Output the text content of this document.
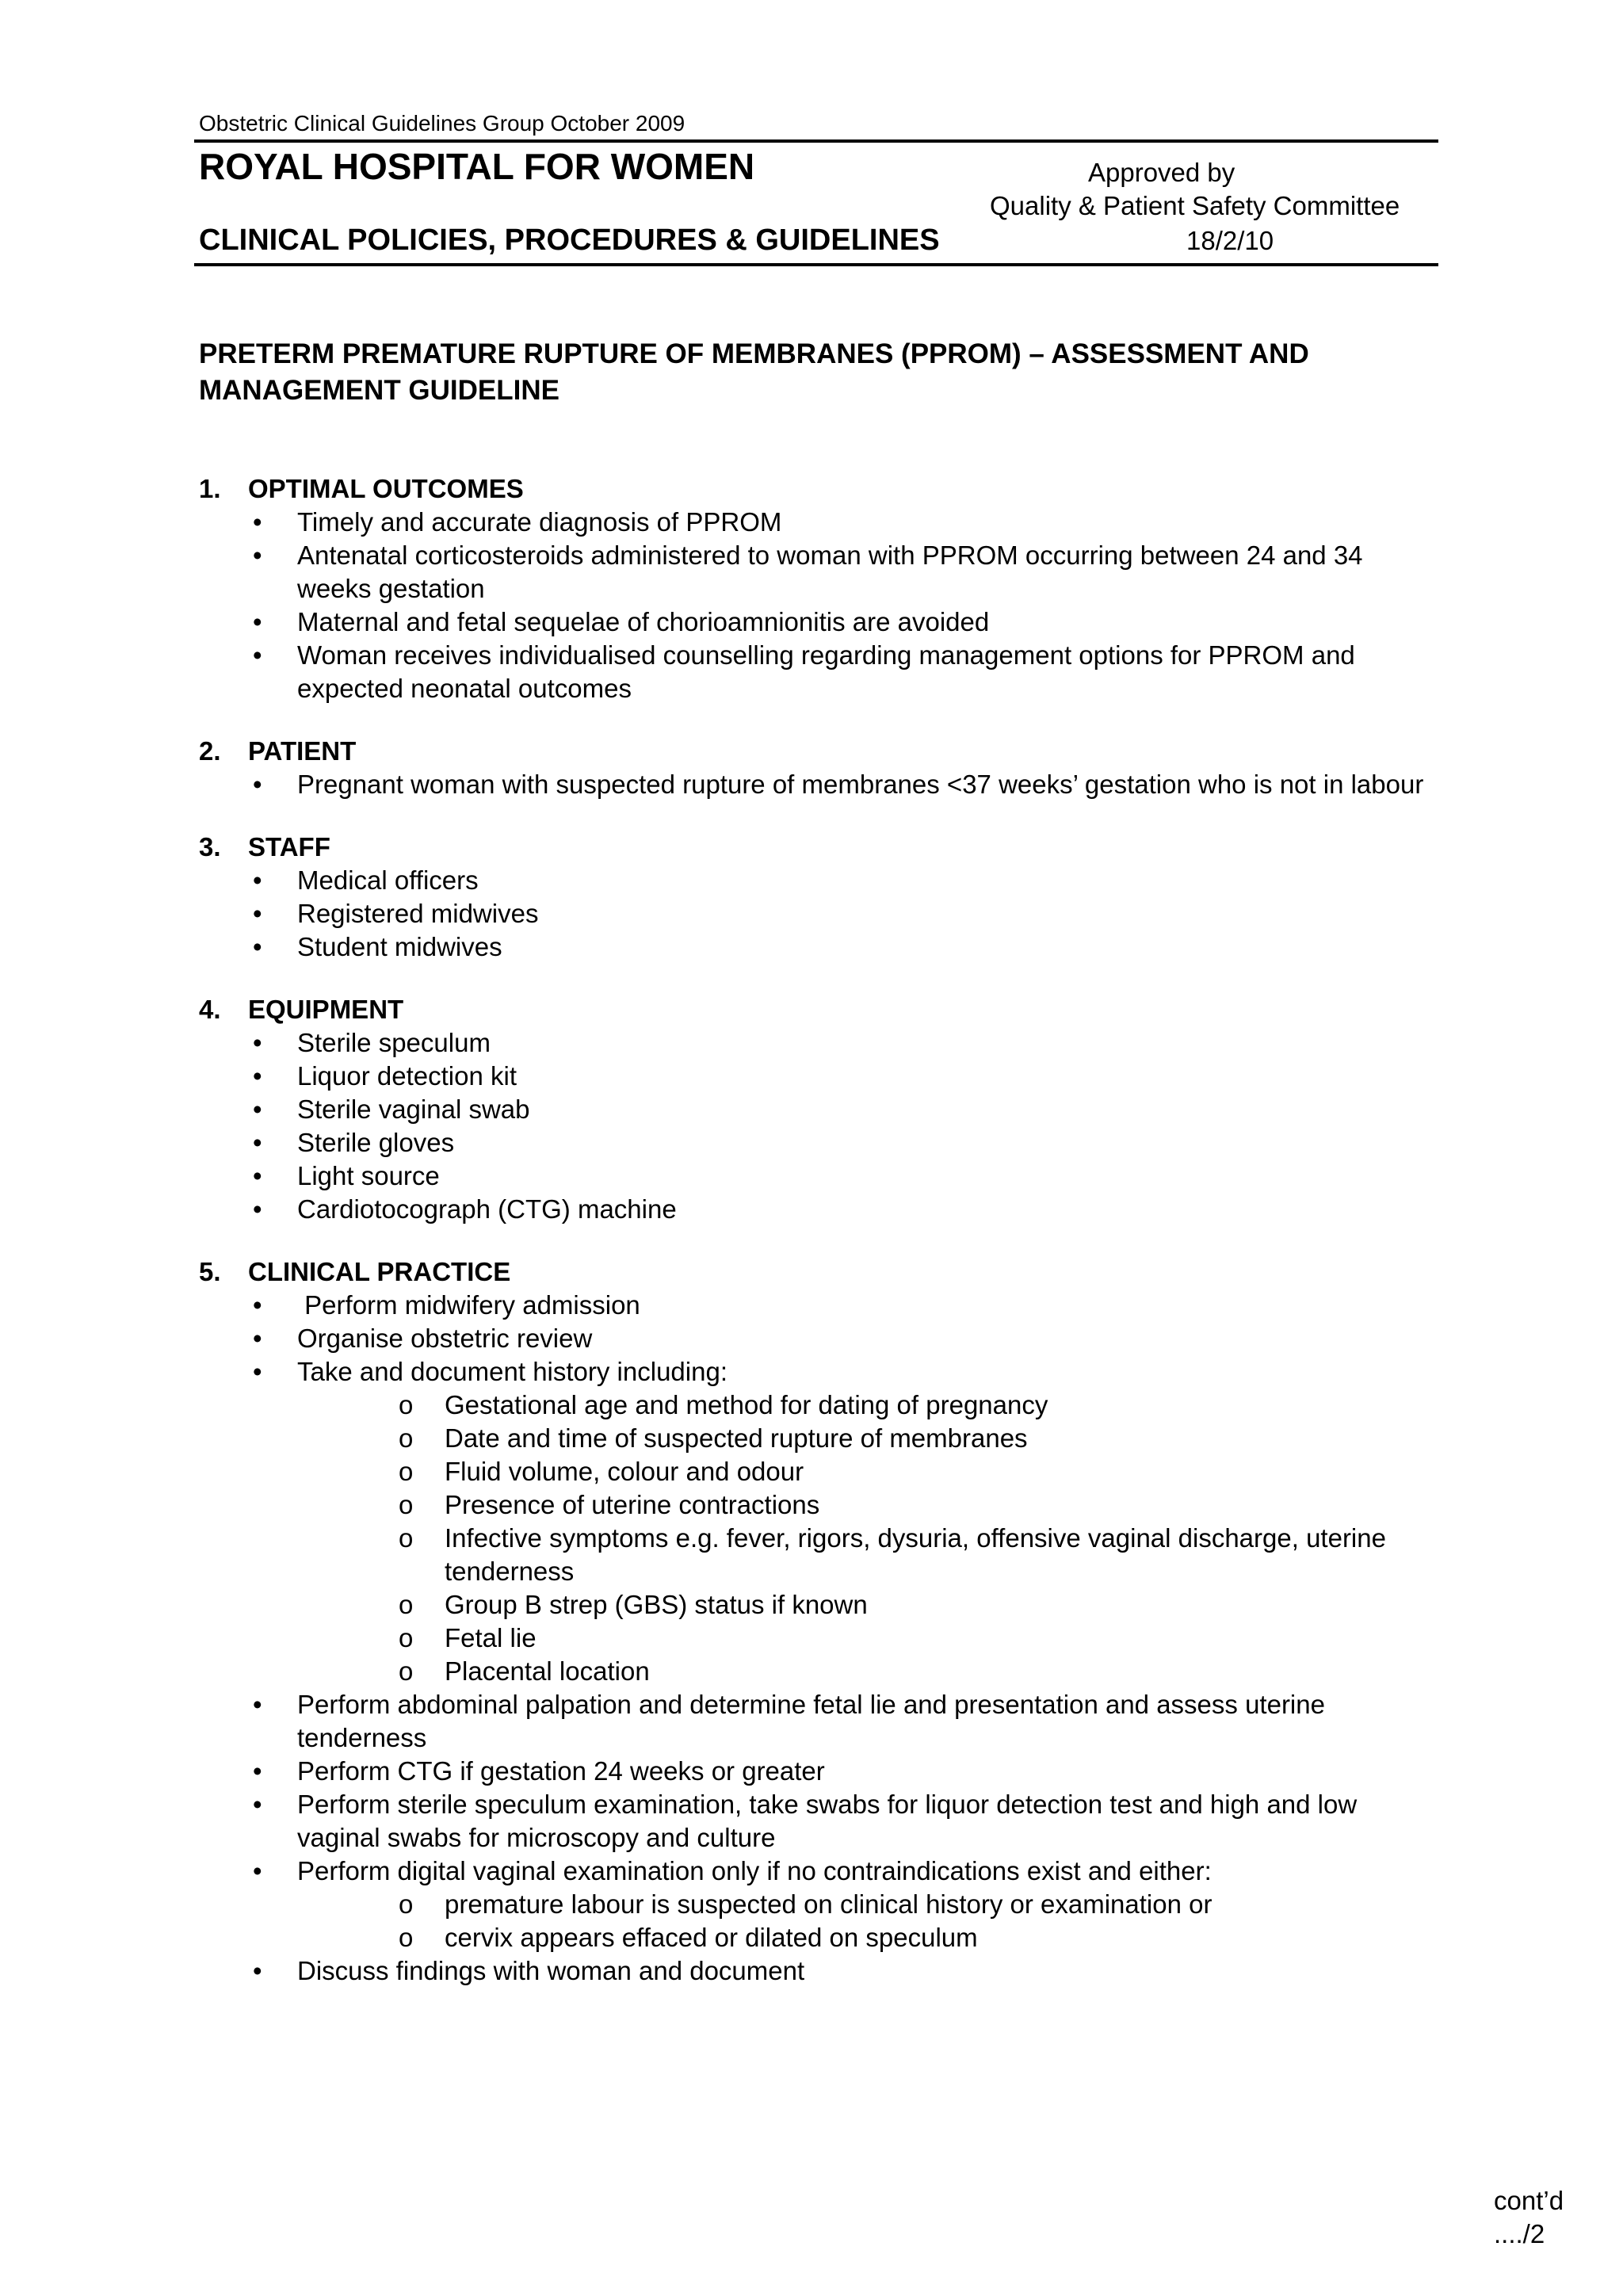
Obstetric Clinical Guidelines Group October 2009
ROYAL HOSPITAL FOR WOMEN	Approved by
Quality & Patient Safety Committee
CLINICAL POLICIES, PROCEDURES & GUIDELINES	18/2/10
PRETERM PREMATURE RUPTURE OF MEMBRANES (PPROM) – ASSESSMENT AND MANAGEMENT GUIDELINE
1.	OPTIMAL OUTCOMES
• Timely and accurate diagnosis of PPROM
• Antenatal corticosteroids administered to woman with PPROM occurring between 24 and 34 weeks gestation
• Maternal and fetal sequelae of chorioamnionitis are avoided
• Woman receives individualised counselling regarding management options for PPROM and expected neonatal outcomes
2.	PATIENT
• Pregnant woman with suspected rupture of membranes <37 weeks’ gestation who is not in labour
3.	STAFF
• Medical officers
• Registered midwives
• Student midwives
4.	EQUIPMENT
• Sterile speculum
• Liquor detection kit
• Sterile vaginal swab
• Sterile gloves
• Light source
• Cardiotocograph (CTG) machine
5.	CLINICAL PRACTICE
• Perform midwifery admission
• Organise obstetric review
• Take and document history including:
o Gestational age and method for dating of pregnancy
o Date and time of suspected rupture of membranes
o Fluid volume, colour and odour
o Presence of uterine contractions
o Infective symptoms e.g. fever, rigors, dysuria, offensive vaginal discharge, uterine tenderness
o Group B strep (GBS) status if known
o Fetal lie
o Placental location
• Perform abdominal palpation and determine fetal lie and presentation and assess uterine tenderness
• Perform CTG if gestation 24 weeks or greater
• Perform sterile speculum examination, take swabs for liquor detection test and high and low vaginal swabs for microscopy and culture
• Perform digital vaginal examination only if no contraindications exist and either:
o premature labour is suspected on clinical history or examination or
o cervix appears effaced or dilated on speculum
• Discuss findings with woman and document
cont’d ..../2
